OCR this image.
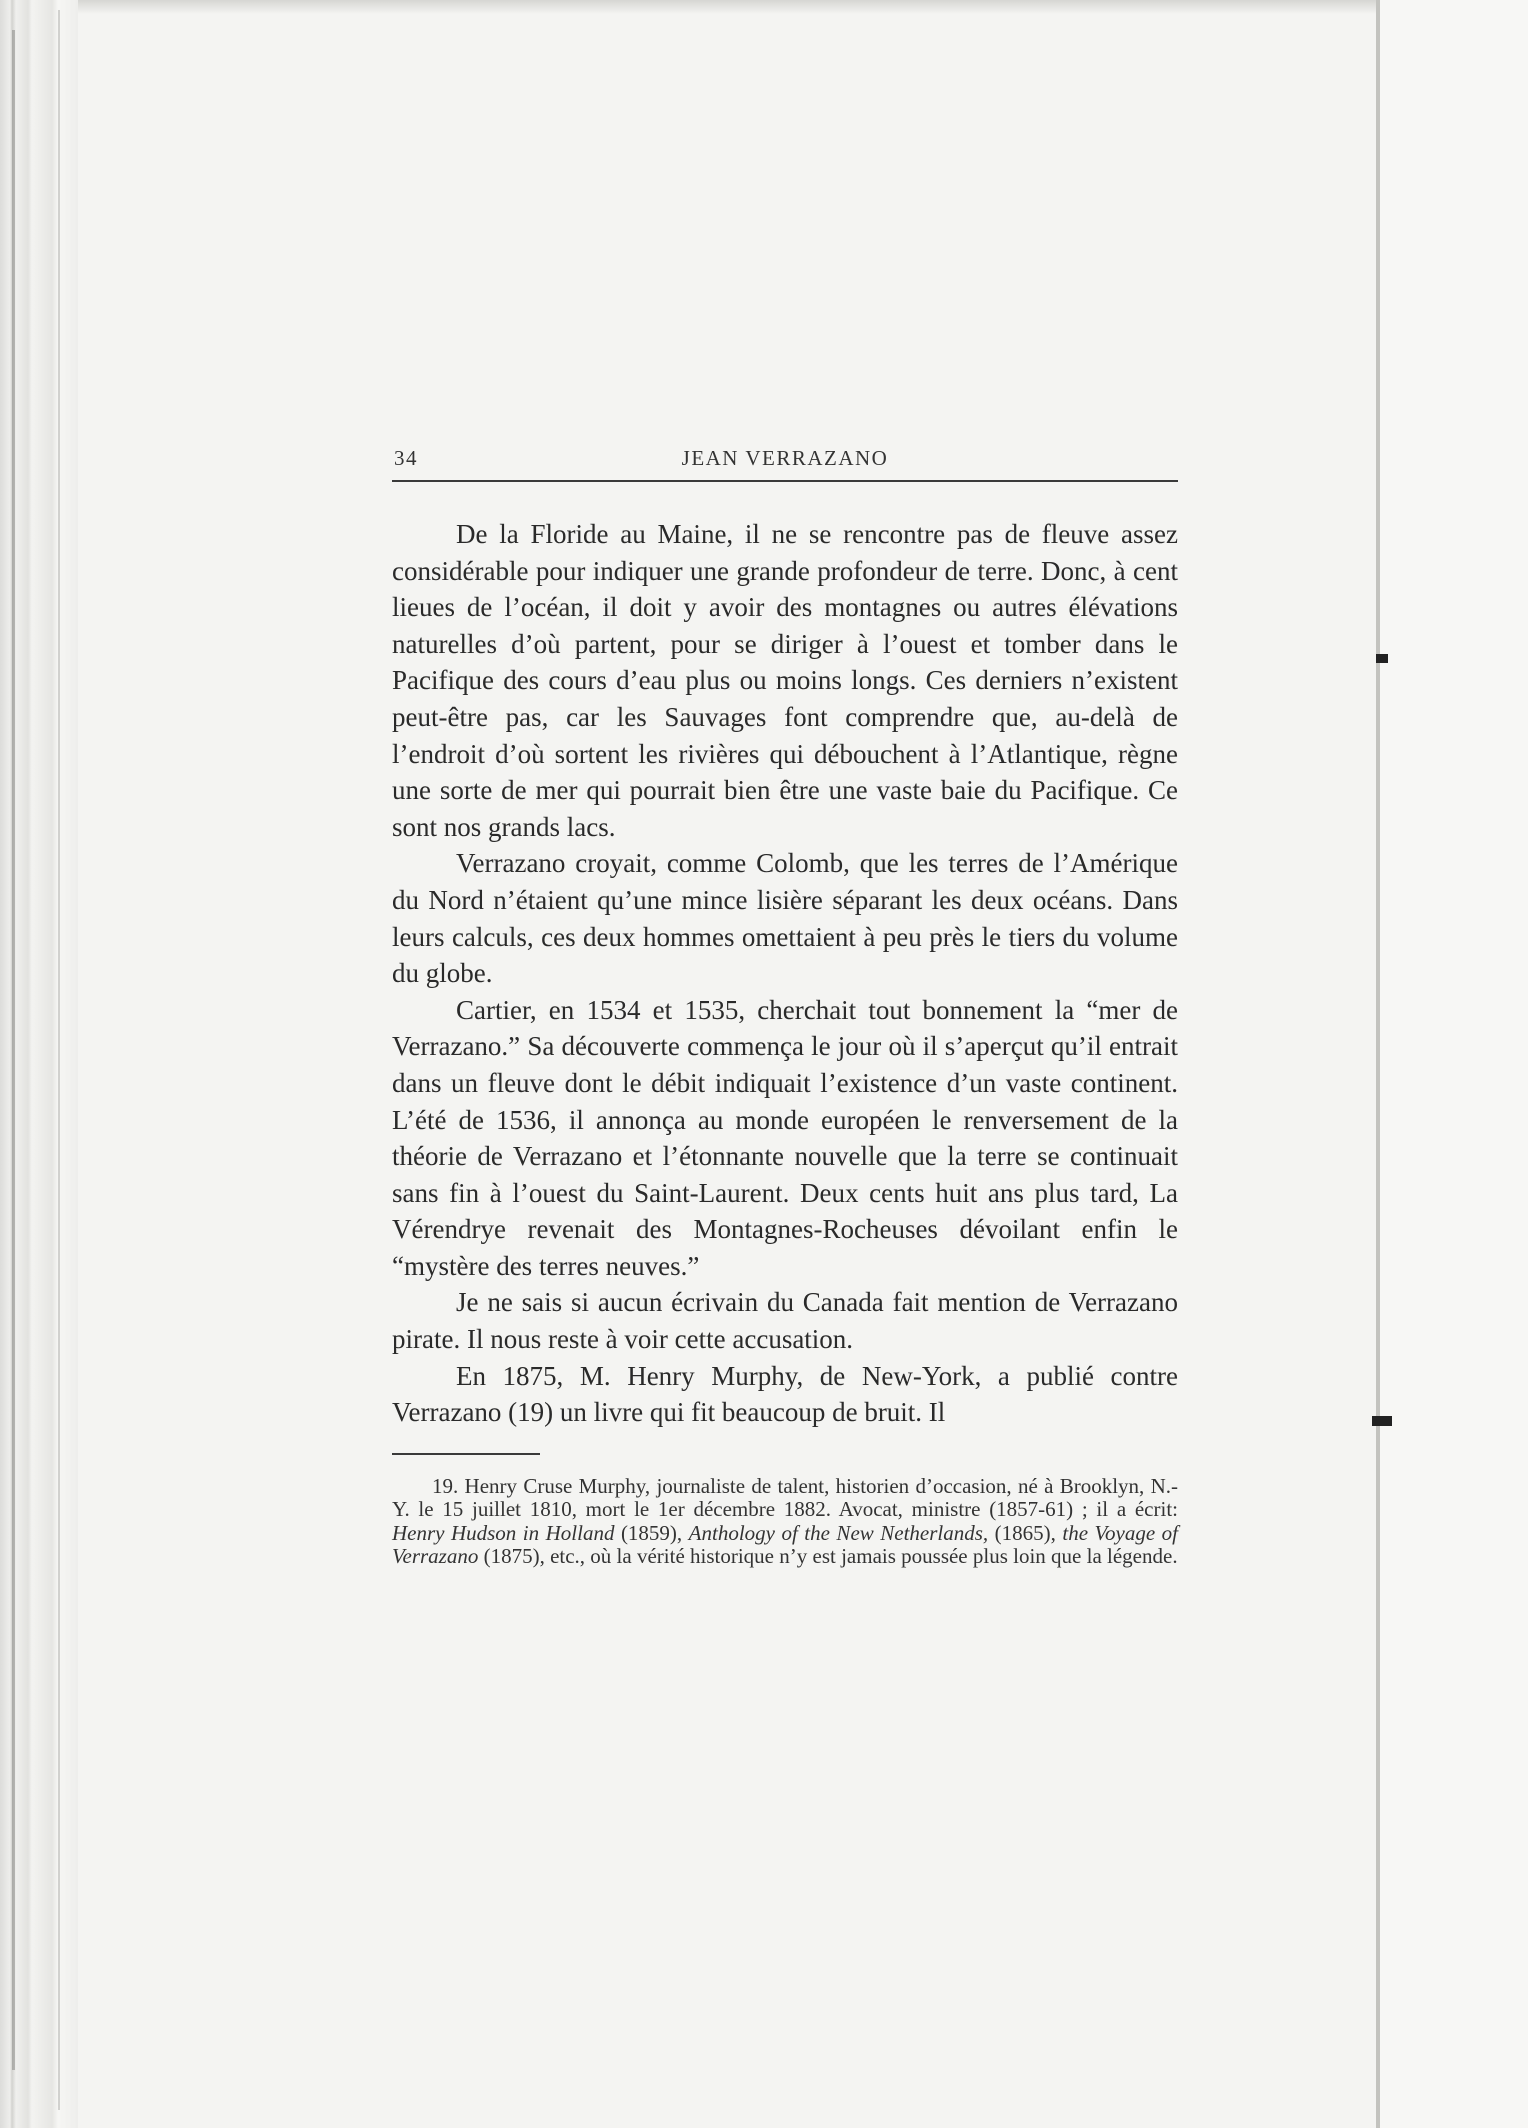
34	JEAN VERRAZANO

De la Floride au Maine, il ne se rencontre pas de fleuve assez considérable pour indiquer une grande profondeur de terre. Donc, à cent lieues de l’océan, il doit y avoir des montagnes ou autres élévations naturelles d’où partent, pour se diriger à l’ouest et tomber dans le Pacifique des cours d’eau plus ou moins longs. Ces derniers n’existent peut-être pas, car les Sauvages font comprendre que, au-delà de l’endroit d’où sortent les rivières qui débouchent à l’Atlantique, règne une sorte de mer qui pourrait bien être une vaste baie du Pacifique. Ce sont nos grands lacs.

Verrazano croyait, comme Colomb, que les terres de l’Amérique du Nord n’étaient qu’une mince lisière séparant les deux océans. Dans leurs calculs, ces deux hommes omettaient à peu près le tiers du volume du globe.

Cartier, en 1534 et 1535, cherchait tout bonnement la “mer de Verrazano.” Sa découverte commença le jour où il s’aperçut qu’il entrait dans un fleuve dont le débit indiquait l’existence d’un vaste continent. L’été de 1536, il annonça au monde européen le renversement de la théorie de Verrazano et l’étonnante nouvelle que la terre se continuait sans fin à l’ouest du Saint-Laurent. Deux cents huit ans plus tard, La Vérendrye revenait des Montagnes-Rocheuses dévoilant enfin le “mystère des terres neuves.”

Je ne sais si aucun écrivain du Canada fait mention de Verrazano pirate. Il nous reste à voir cette accusation.

En 1875, M. Henry Murphy, de New-York, a publié contre Verrazano (19) un livre qui fit beaucoup de bruit. Il

19. Henry Cruse Murphy, journaliste de talent, historien d’occasion, né à Brooklyn, N.-Y. le 15 juillet 1810, mort le 1er décembre 1882. Avocat, ministre (1857-61) ; il a écrit: Henry Hudson in Holland (1859), Anthology of the New Netherlands, (1865), the Voyage of Verrazano (1875), etc., où la vérité historique n’y est jamais poussée plus loin que la légende.
